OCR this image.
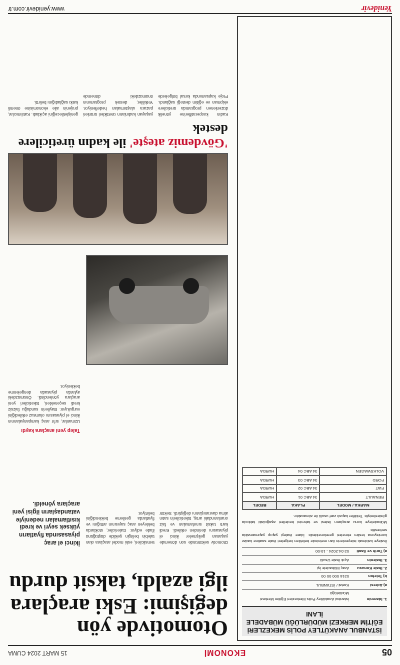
05
EKONOMİ
15 MART 2024 CUMA
İSTANBUL ANAKÜTLEY POLİS MEKEZLERİ EĞİTİM MERKEZİ MÜDÜRLÜĞÜ MÜBADELE İLANI
1- İdarenin
İstanbul Anakütley Polis Merkezleri Eğitim Merkezi Müdürlüğü
a) Adresi
Kartal / İSTANBUL
b) Telefon
0216 000 00 00
2- İhale Konusu
Araç Mübadele İşi
3- İhalenin
Açık İhale Usulü
a) Tarih ve Saati
02.04.2024 - 10:00

İhaleye katılmak isteyenlerin ilan metninde belirtilen belgeleri ihale saatine kadar komisyona teslim etmeleri gerekmektedir. İdare ihaleyi yapıp yapmamakta serbesttir.

Mübadeleye konu araçların listesi ve tahmini bedelleri aşağıdaki tabloda gösterilmiştir. Teklifler kapalı zarf usulü ile alınacaktır.

MARKA / MODEL	PLAKA	BEDEL
RENAULT	34 ABC 01	HURDA
FIAT	34 ABC 02	HURDA
FORD	34 ABC 03	HURDA
VOLKSWAGEN	34 ABC 04	HURDA
Otomotivde yön değişimi: Eski araçlara ilgi azaldı, taksit durdu
İkinci el araç piyasasında fiyatların yüksek seyri ve kredi kısıtlamaları nedeniyle vatandaşların ilgisi yeni araçlara yöneldi.
Otomotiv sektöründe son dönemde yaşanan gelişmeler ikinci el piyasasını derinden etkiledi. Kredi kartı taksit sınırlamaları ve faiz oranlarındaki artış, tüketicilerin satın alma davranışlarını değiştirdi. Sektör temsilcileri, eski model araçlara olan talebin belirgin şekilde düştüğünü ifade ediyor. Galericiler, stoklarda bekleyen araç sayısının arttığını ve fiyatlarda gerileme beklendiğini belirtiyor.
Talep yeni araçlara kaydı
Uzmanlar, sıfır araç kampanyalarının ikinci el piyasasını olumsuz etkilediğini vurguluyor. Bayilerin sunduğu faizsiz kredi seçenekleri, tüketicileri yeni araçlara yönlendirdi. Önümüzdeki aylarda piyasada dengelenme bekleniyor.
'Gövdemiz ateşte' ile kadın üreticilere destek
Kadın kooperatiflerine yönelik düzenlenen programda üreticilere ekipman ve eğitim desteği sağlandı. Proje kapsamında kırsal bölgelerde yaşayan kadınların ürettikleri ürünleri pazara ulaştırmaları hedefleniyor. Yetkililer, destek programının önümüzdeki dönemde genişletileceğini açıkladı. Katılımcılar, projenin aile ekonomisine önemli katkı sağladığını belirtti.
Yenidevir
www.yenidevir.com.tr
